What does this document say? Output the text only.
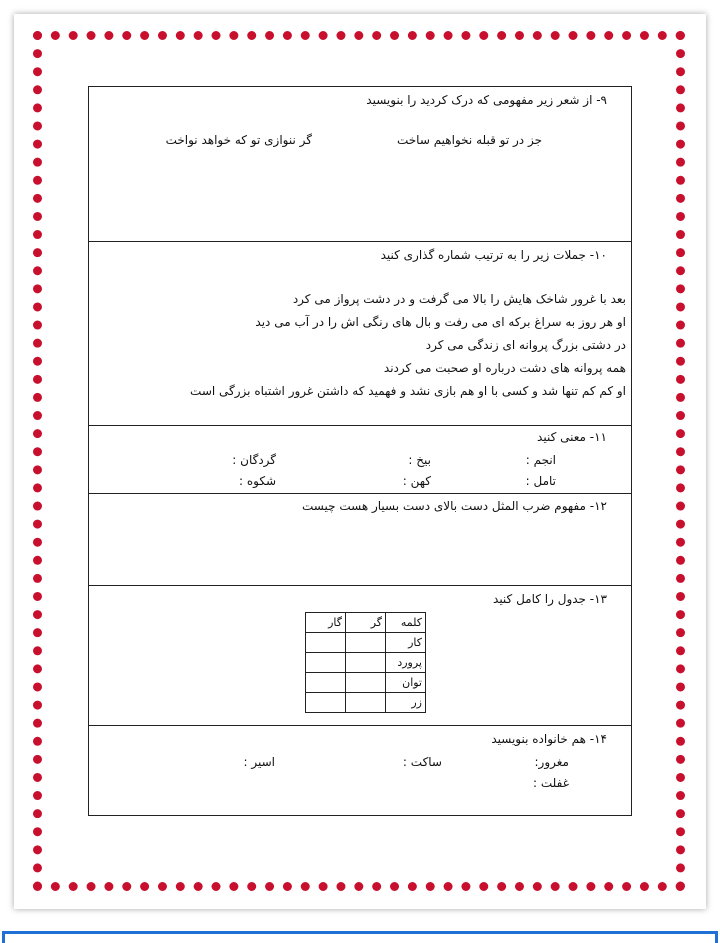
۹- از شعر زیر مفهومی که درک کردید را بنویسید
جز در تو قبله نخواهیم ساخت
گر ننوازی تو که خواهد نواخت
۱۰- جملات زیر را به ترتیب شماره گذاری کنید
بعد با غرور شاخک هایش را بالا می گرفت و در دشت پرواز می کرد
او هر روز به سراغ برکه ای می رفت و بال های رنگی اش را در آب می دید
در دشتی بزرگ پروانه ای زندگی می کرد
همه پروانه های دشت درباره او صحبت می کردند
او کم کم تنها شد و کسی با او هم بازی نشد و فهمید که داشتن غرور اشتباه بزرگی است
۱۱- معنی کنید
انجم :
بیخ :
گردگان :
تامل :
کهن :
شکوه :
۱۲- مفهوم ضرب المثل دست بالای دست بسیار هست چیست
۱۳- جدول را کامل کنید
کلمه	گر	گار
کار		
پرورد		
توان		
زر		
۱۴- هم خانواده بنویسید
مغرور:
ساکت :
اسیر :
غفلت :
